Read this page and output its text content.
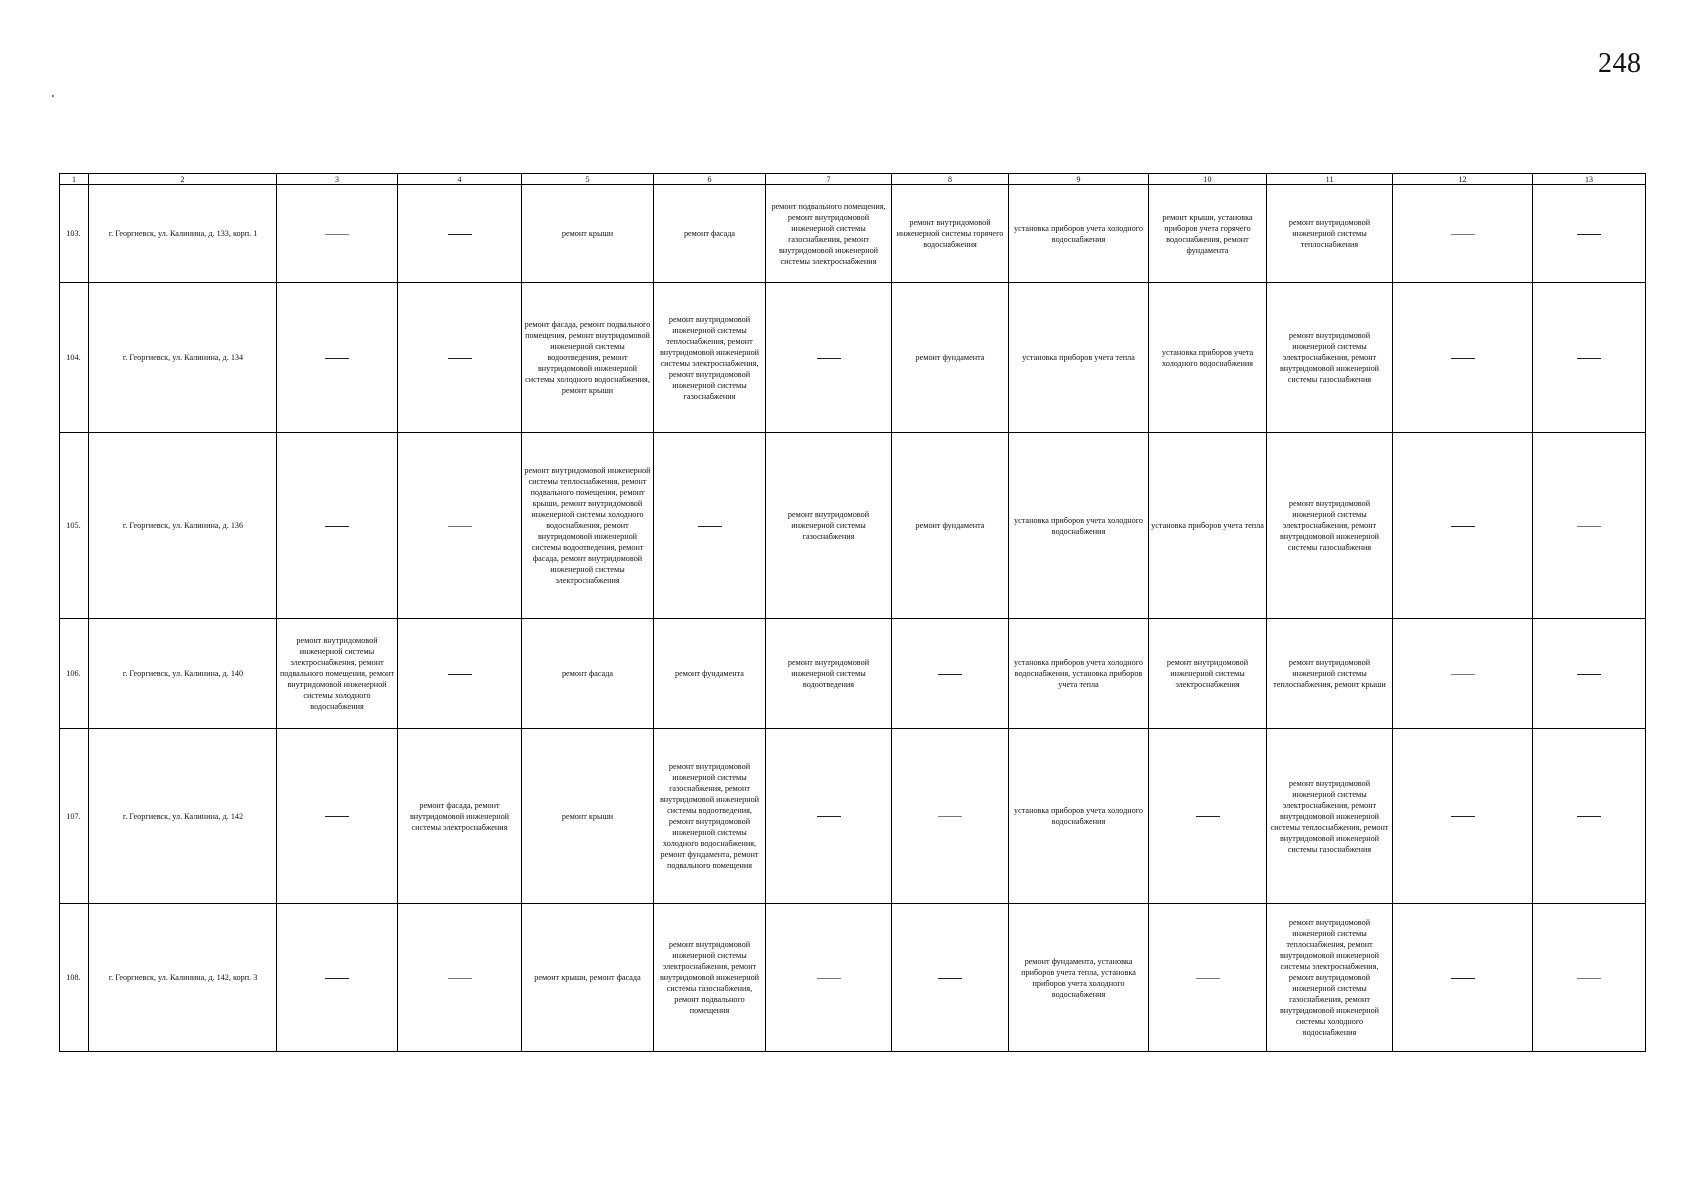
248
1	2	3	4	5	6	7	8	9	10	11	12	13
103.	г. Георгиевск, ул. Калинина, д. 133, корп. 1			ремонт крыши	ремонт фасада	ремонт подвального помещения, ремонт внутридомовой инженерной системы газоснабжения, ремонт внутридомовой инженерной системы электроснабжения	ремонт внутридомовой инженерной системы горячего водоснабжения	установка приборов учета холодного водоснабжения	ремонт крыши, установка приборов учета горячего водоснабжения, ремонт фундамента	ремонт внутридомовой инженерной системы теплоснабжения		
104.	г. Георгиевск, ул. Калинина, д. 134			ремонт фасада, ремонт подвального помещения, ремонт внутридомовой инженерной системы водоотведения, ремонт внутридомовой инженерной системы холодного водоснабжения, ремонт крыши	ремонт внутридомовой инженерной системы теплоснабжения, ремонт внутридомовой инженерной системы электроснабжения, ремонт внутридомовой инженерной системы газоснабжения		ремонт фундамента	установка приборов учета тепла	установка приборов учета холодного водоснабжения	ремонт внутридомовой инженерной системы электроснабжения, ремонт внутридомовой инженерной системы газоснабжения		
105.	г. Георгиевск, ул. Калинина, д. 136			ремонт внутридомовой инженерной системы теплоснабжения, ремонт подвального помещения, ремонт крыши, ремонт внутридомовой инженерной системы холодного водоснабжения, ремонт внутридомовой инженерной системы водоотведения, ремонт фасада, ремонт внутридомовой инженерной системы электроснабжения		ремонт внутридомовой инженерной системы газоснабжения	ремонт фундамента	установка приборов учета холодного водоснабжения	установка приборов учета тепла	ремонт внутридомовой инженерной системы электроснабжения, ремонт внутридомовой инженерной системы газоснабжения		
106.	г. Георгиевск, ул. Калинина, д. 140	ремонт внутридомовой инженерной системы электроснабжения, ремонт подвального помещения, ремонт внутридомовой инженерной системы холодного водоснабжения		ремонт фасада	ремонт фундамента	ремонт внутридомовой инженерной системы водоотведения		установка приборов учета холодного водоснабжения, установка приборов учета тепла	ремонт внутридомовой инженерной системы электроснабжения	ремонт внутридомовой инженерной системы теплоснабжения, ремонт крыши		
107.	г. Георгиевск, ул. Калинина, д. 142		ремонт фасада, ремонт внутридомовой инженерной системы электроснабжения	ремонт крыши	ремонт внутридомовой инженерной системы газоснабжения, ремонт внутридомовой инженерной системы водоотведения, ремонт внутридомовой инженерной системы холодного водоснабжения, ремонт фундамента, ремонт подвального помещения			установка приборов учета холодного водоснабжения		ремонт внутридомовой инженерной системы электроснабжения, ремонт внутридомовой инженерной системы теплоснабжения, ремонт внутридомовой инженерной системы газоснабжения		
108.	г. Георгиевск, ул. Калинина, д. 142, корп. 3			ремонт крыши, ремонт фасада	ремонт внутридомовой инженерной системы электроснабжения, ремонт внутридомовой инженерной системы газоснабжения, ремонт подвального помещения			ремонт фундамента, установка приборов учета тепла, установка приборов учета холодного водоснабжения		ремонт внутридомовой инженерной системы теплоснабжения, ремонт внутридомовой инженерной системы электроснабжения, ремонт внутридомовой инженерной системы газоснабжения, ремонт внутридомовой инженерной системы холодного водоснабжения		
